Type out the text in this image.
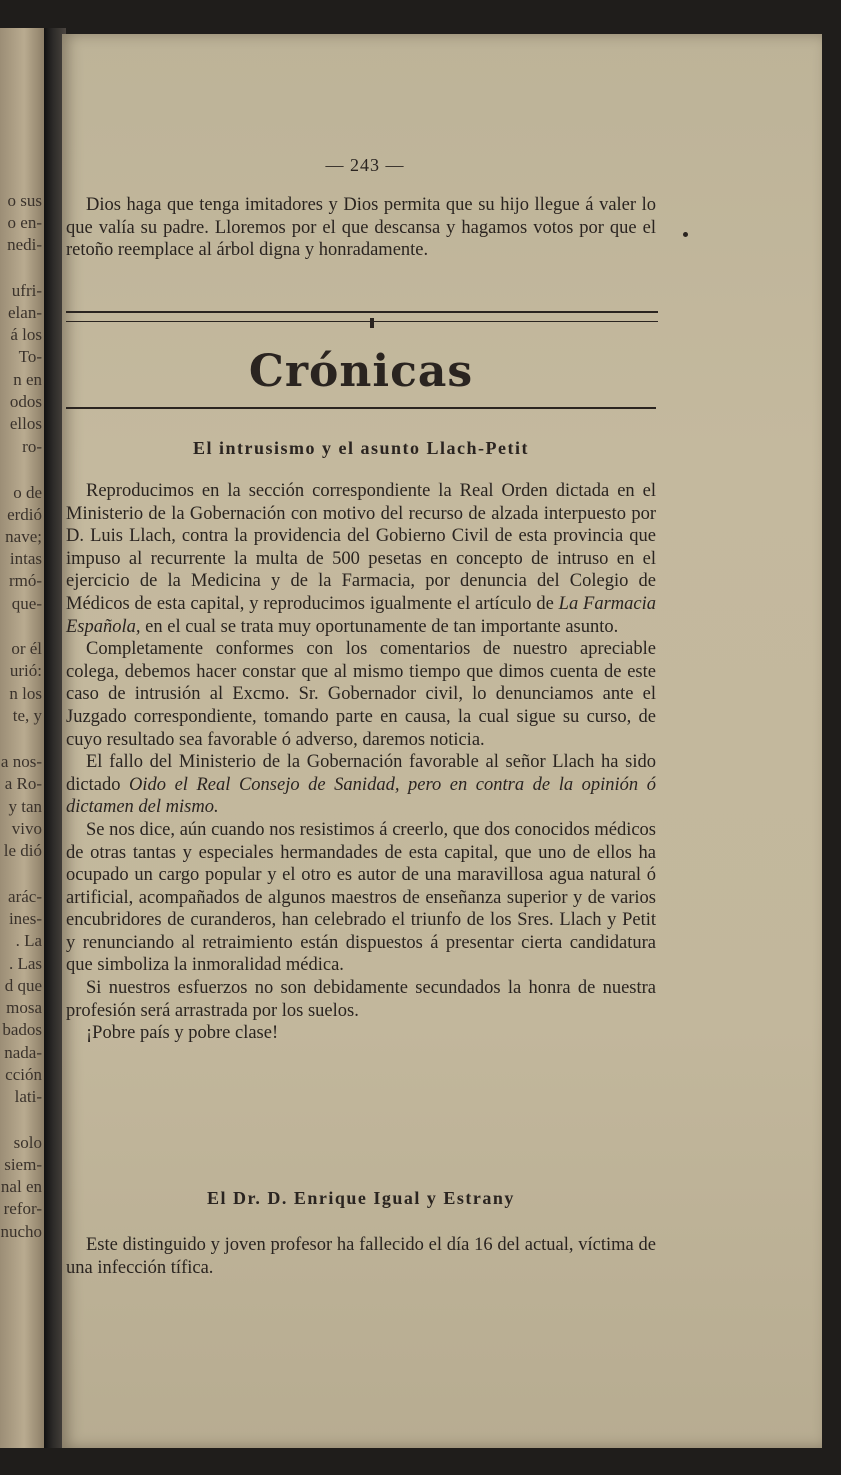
o sus
o en-
nedi-
ufri-
elan-
á los
To-
n en
odos
ellos
ro-
o de
erdió
nave;
intas
rmó-
que-
or él
urió:
n los
te, y
a nos-
a Ro-
y tan
vivo
le dió
arác-
ines-
. La
. Las
d que
mosa
bados
nada-
cción
lati-
solo
siem-
nal en
refor-
nucho
— 243 —

Dios haga que tenga imitadores y Dios permita que su hijo llegue á valer lo que valía su padre. Lloremos por el que descansa y hagamos votos por que el retoño reemplace al árbol digna y honradamente.

Crónicas
El intrusismo y el asunto Llach-Petit

Reproducimos en la sección correspondiente la Real Orden dictada en el Ministerio de la Gobernación con motivo del recurso de alzada interpuesto por D. Luis Llach, contra la providencia del Gobierno Civil de esta provincia que impuso al recurrente la multa de 500 pesetas en concepto de intruso en el ejercicio de la Medicina y de la Farmacia, por denuncia del Colegio de Médicos de esta capital, y reproducimos igualmente el artículo de La Farmacia Española, en el cual se trata muy oportunamente de tan importante asunto.

Completamente conformes con los comentarios de nuestro apreciable colega, debemos hacer constar que al mismo tiempo que dimos cuenta de este caso de intrusión al Excmo. Sr. Gobernador civil, lo denunciamos ante el Juzgado correspondiente, tomando parte en causa, la cual sigue su curso, de cuyo resultado sea favorable ó adverso, daremos noticia.

El fallo del Ministerio de la Gobernación favorable al señor Llach ha sido dictado Oido el Real Consejo de Sanidad, pero en contra de la opinión ó dictamen del mismo.

Se nos dice, aún cuando nos resistimos á creerlo, que dos conocidos médicos de otras tantas y especiales hermandades de esta capital, que uno de ellos ha ocupado un cargo popular y el otro es autor de una maravillosa agua natural ó artificial, acompañados de algunos maestros de enseñanza superior y de varios encubridores de curanderos, han celebrado el triunfo de los Sres. Llach y Petit y renunciando al retraimiento están dispuestos á presentar cierta candidatura que simboliza la inmoralidad médica.

Si nuestros esfuerzos no son debidamente secundados la honra de nuestra profesión será arrastrada por los suelos.

¡Pobre país y pobre clase!

El Dr. D. Enrique Igual y Estrany

Este distinguido y joven profesor ha fallecido el día 16 del actual, víctima de una infección tífica.
